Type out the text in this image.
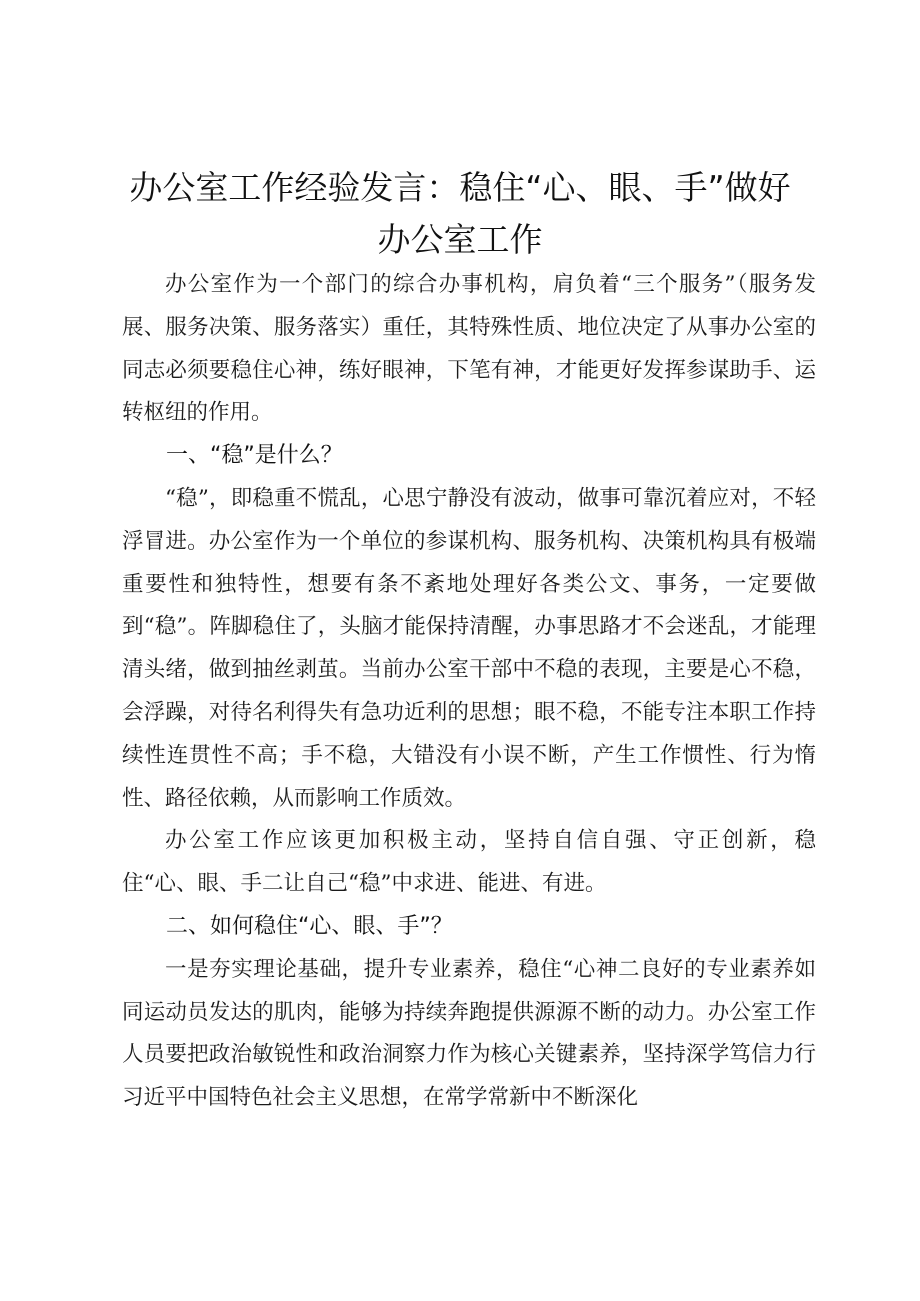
办公室工作经验发言：稳住“心、眼、手”做好
办公室工作

办公室作为一个部门的综合办事机构，肩负着“三个服务”（服务发展、服务决策、服务落实）重任，其特殊性质、地位决定了从事办公室的同志必须要稳住心神，练好眼神，下笔有神，才能更好发挥参谋助手、运转枢纽的作用。

一、“稳”是什么？

“稳”，即稳重不慌乱，心思宁静没有波动，做事可靠沉着应对，不轻浮冒进。办公室作为一个单位的参谋机构、服务机构、决策机构具有极端重要性和独特性，想要有条不紊地处理好各类公文、事务，一定要做到“稳”。阵脚稳住了，头脑才能保持清醒，办事思路才不会迷乱，才能理清头绪，做到抽丝剥茧。当前办公室干部中不稳的表现，主要是心不稳，会浮躁，对待名利得失有急功近利的思想；眼不稳，不能专注本职工作持续性连贯性不高；手不稳，大错没有小误不断，产生工作惯性、行为惰性、路径依赖，从而影响工作质效。

办公室工作应该更加积极主动，坚持自信自强、守正创新，稳住“心、眼、手二让自己“稳”中求进、能进、有进。

二、如何稳住“心、眼、手”？

一是夯实理论基础，提升专业素养，稳住“心神二良好的专业素养如同运动员发达的肌肉，能够为持续奔跑提供源源不断的动力。办公室工作人员要把政治敏锐性和政治洞察力作为核心关键素养，坚持深学笃信力行习近平中国特色社会主义思想，在常学常新中不断深化
